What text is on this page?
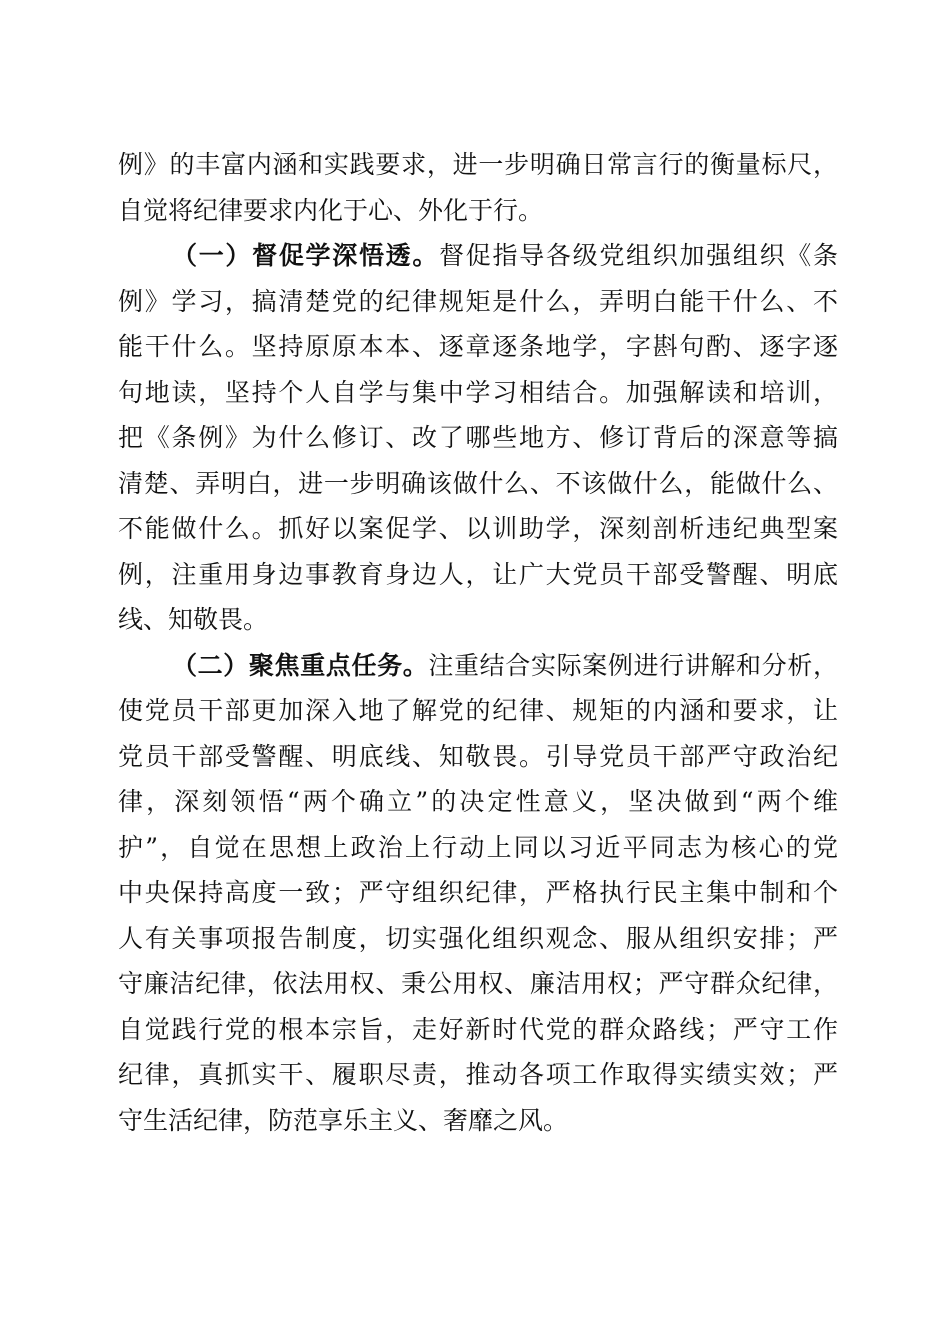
例》的丰富内涵和实践要求，进一步明确日常言行的衡量标尺，
自觉将纪律要求内化于心、外化于行。
（一）督促学深悟透。督促指导各级党组织加强组织《条
例》学习，搞清楚党的纪律规矩是什么，弄明白能干什么、不
能干什么。坚持原原本本、逐章逐条地学，字斟句酌、逐字逐
句地读，坚持个人自学与集中学习相结合。加强解读和培训，
把《条例》为什么修订、改了哪些地方、修订背后的深意等搞
清楚、弄明白，进一步明确该做什么、不该做什么，能做什么、
不能做什么。抓好以案促学、以训助学，深刻剖析违纪典型案
例，注重用身边事教育身边人，让广大党员干部受警醒、明底
线、知敬畏。
（二）聚焦重点任务。注重结合实际案例进行讲解和分析，
使党员干部更加深入地了解党的纪律、规矩的内涵和要求，让
党员干部受警醒、明底线、知敬畏。引导党员干部严守政治纪
律，深刻领悟“两个确立”的决定性意义，坚决做到“两个维
护”，自觉在思想上政治上行动上同以习近平同志为核心的党
中央保持高度一致；严守组织纪律，严格执行民主集中制和个
人有关事项报告制度，切实强化组织观念、服从组织安排；严
守廉洁纪律，依法用权、秉公用权、廉洁用权；严守群众纪律，
自觉践行党的根本宗旨，走好新时代党的群众路线；严守工作
纪律，真抓实干、履职尽责，推动各项工作取得实绩实效；严
守生活纪律，防范享乐主义、奢靡之风。
